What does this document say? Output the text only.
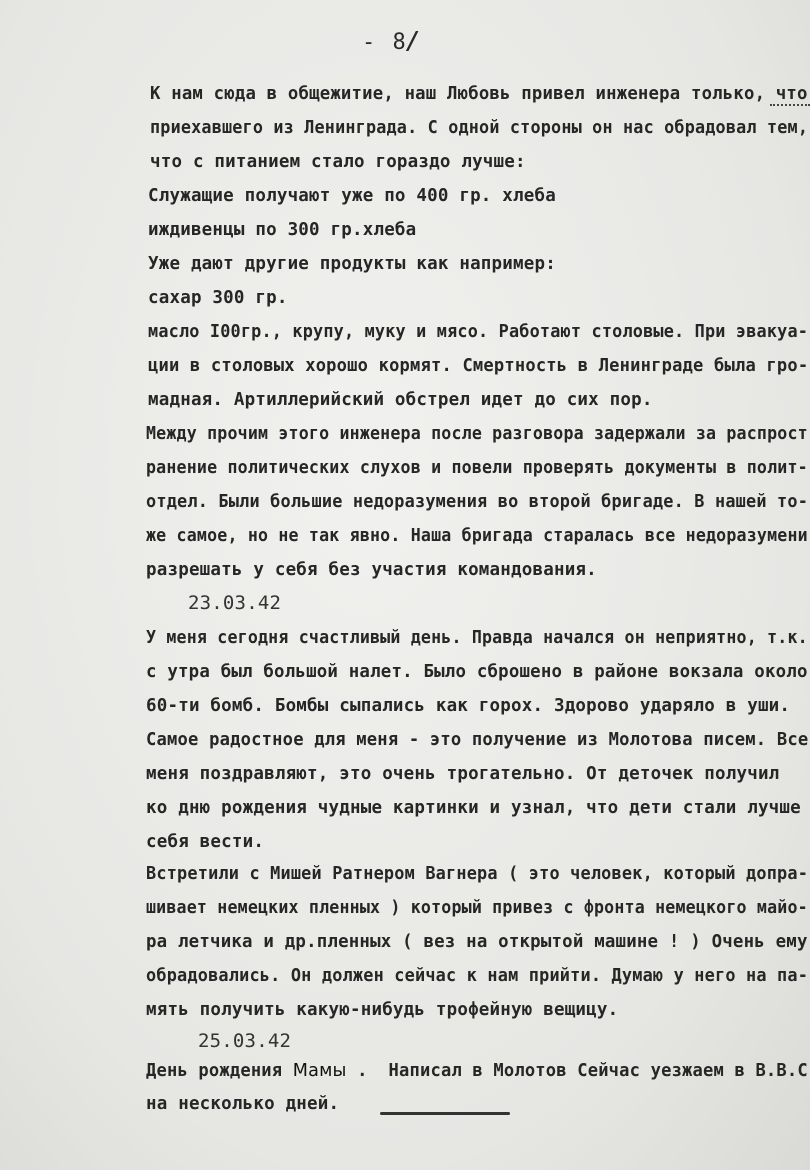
- 8/
К нам сюда в общежитие, наш Любовь привел инженера только, что
приехавшего из Ленинграда. С одной стороны он нас обрадовал тем,
что с питанием стало гораздо лучше:
Служащие получают уже по 400 гр. хлеба
иждивенцы по 300 гр.хлеба
Уже дают другие продукты как например:
сахар 300 гр.
масло I00гр., крупу, муку и мясо. Работают столовые. При эвакуа-
ции в столовых хорошо кормят. Смертность в Ленинграде была гро-
мадная. Артиллерийский обстрел идет до сих пор.
Между прочим этого инженера после разговора задержали за распрост
ранение политических слухов и повели проверять документы в полит-
отдел. Были большие недоразумения во второй бригаде. В нашей то-
же самое, но не так явно. Наша бригада старалась все недоразумени
разрешать у себя без участия командования.
23.03.42
У меня сегодня счастливый день. Правда начался он неприятно, т.к.
с утра был большой налет. Было сброшено в районе вокзала около
60-ти бомб. Бомбы сыпались как горох. Здорово ударяло в уши.
Самое радостное для меня - это получение из Молотова писем. Все
меня поздравляют, это очень трогательно. От деточек получил
ко дню рождения чудные картинки и узнал, что дети стали лучше
себя вести.
Встретили с Мишей Ратнером Вагнера ( это человек, который допра-
шивает немецких пленных ) который привез с фронта немецкого майо-
ра летчика и др.пленных ( вез на открытой машине ! ) Очень ему
обрадовались. Он должен сейчас к нам прийти. Думаю у него на па-
мять получить какую-нибудь трофейную вещицу.
25.03.42
День рождения Мамы .  Написал в Молотов Сейчас уезжаем в В.В.С
на несколько дней.
